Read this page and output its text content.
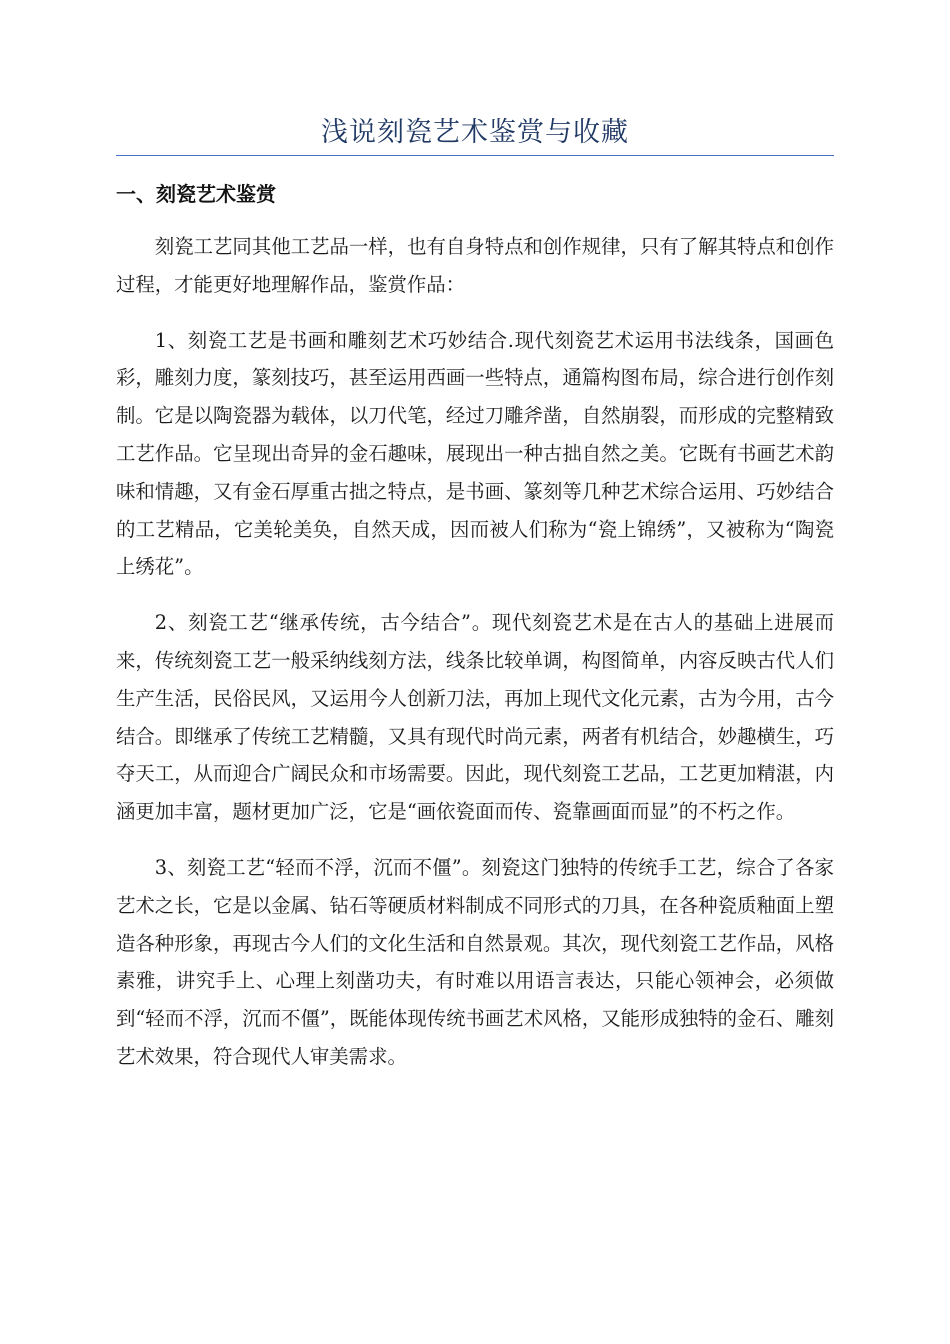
浅说刻瓷艺术鉴赏与收藏
一、刻瓷艺术鉴赏

刻瓷工艺同其他工艺品一样，也有自身特点和创作规律，只有了解其特点和创作过程，才能更好地理解作品，鉴赏作品：

1、刻瓷工艺是书画和雕刻艺术巧妙结合.现代刻瓷艺术运用书法线条，国画色彩，雕刻力度，篆刻技巧，甚至运用西画一些特点，通篇构图布局，综合进行创作刻制。它是以陶瓷器为载体，以刀代笔，经过刀雕斧凿，自然崩裂，而形成的完整精致工艺作品。它呈现出奇异的金石趣味，展现出一种古拙自然之美。它既有书画艺术韵味和情趣，又有金石厚重古拙之特点，是书画、篆刻等几种艺术综合运用、巧妙结合的工艺精品，它美轮美奂，自然天成，因而被人们称为“瓷上锦绣”，又被称为“陶瓷上绣花”。

2、刻瓷工艺“继承传统，古今结合”。现代刻瓷艺术是在古人的基础上进展而来，传统刻瓷工艺一般采纳线刻方法，线条比较单调，构图简单，内容反映古代人们生产生活，民俗民风，又运用今人创新刀法，再加上现代文化元素，古为今用，古今结合。即继承了传统工艺精髓，又具有现代时尚元素，两者有机结合，妙趣横生，巧夺天工，从而迎合广阔民众和市场需要。因此，现代刻瓷工艺品，工艺更加精湛，内涵更加丰富，题材更加广泛，它是“画依瓷面而传、瓷靠画面而显”的不朽之作。

3、刻瓷工艺“轻而不浮，沉而不僵”。刻瓷这门独特的传统手工艺，综合了各家艺术之长，它是以金属、钻石等硬质材料制成不同形式的刀具，在各种瓷质釉面上塑造各种形象，再现古今人们的文化生活和自然景观。其次，现代刻瓷工艺作品，风格素雅，讲究手上、心理上刻凿功夫，有时难以用语言表达，只能心领神会，必须做到“轻而不浮，沉而不僵”，既能体现传统书画艺术风格，又能形成独特的金石、雕刻艺术效果，符合现代人审美需求。
